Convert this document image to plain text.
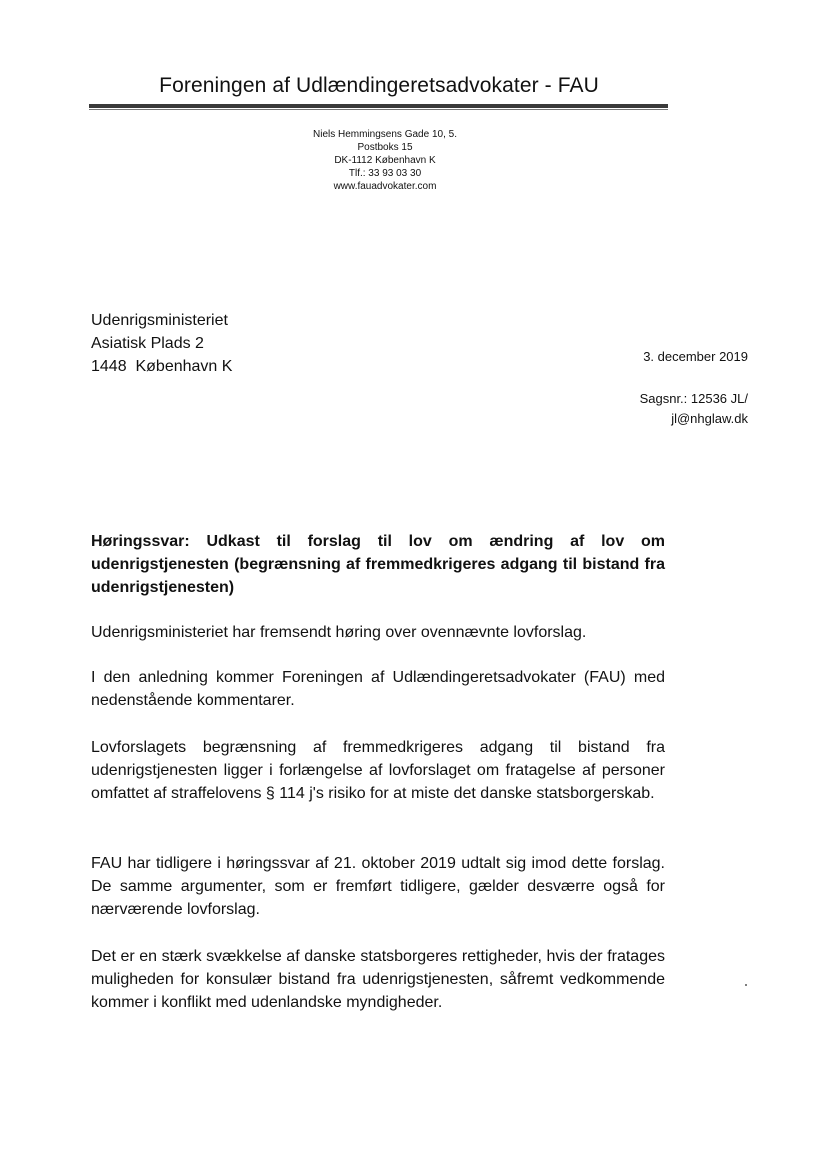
Foreningen af Udlændingeretsadvokater - FAU
Niels Hemmingsens Gade 10, 5.
Postboks 15
DK-1112 København K
Tlf.: 33 93 03 30
www.fauadvokater.com
Udenrigsministeriet
Asiatisk Plads 2
1448  København K
3. december 2019
Sagsnr.: 12536 JL/
jl@nhglaw.dk
Høringssvar: Udkast til forslag til lov om ændring af lov om udenrigstjenesten (begrænsning af fremmedkrigeres adgang til bistand fra udenrigstjenesten)
Udenrigsministeriet har fremsendt høring over ovennævnte lovforslag.
I den anledning kommer Foreningen af Udlændingeretsadvokater (FAU) med nedenstående kommentarer.
Lovforslagets begrænsning af fremmedkrigeres adgang til bistand fra udenrigstjenesten ligger i forlængelse af lovforslaget om fratagelse af personer omfattet af straffelovens § 114 j's risiko for at miste det danske statsborgerskab.
FAU har tidligere i høringssvar af 21. oktober 2019 udtalt sig imod dette forslag. De samme argumenter, som er fremført tidligere, gælder desværre også for nærværende lovforslag.
Det er en stærk svækkelse af danske statsborgeres rettigheder, hvis der fratages muligheden for konsulær bistand fra udenrigstjenesten, såfremt vedkommende kommer i konflikt med udenlandske myndigheder.
